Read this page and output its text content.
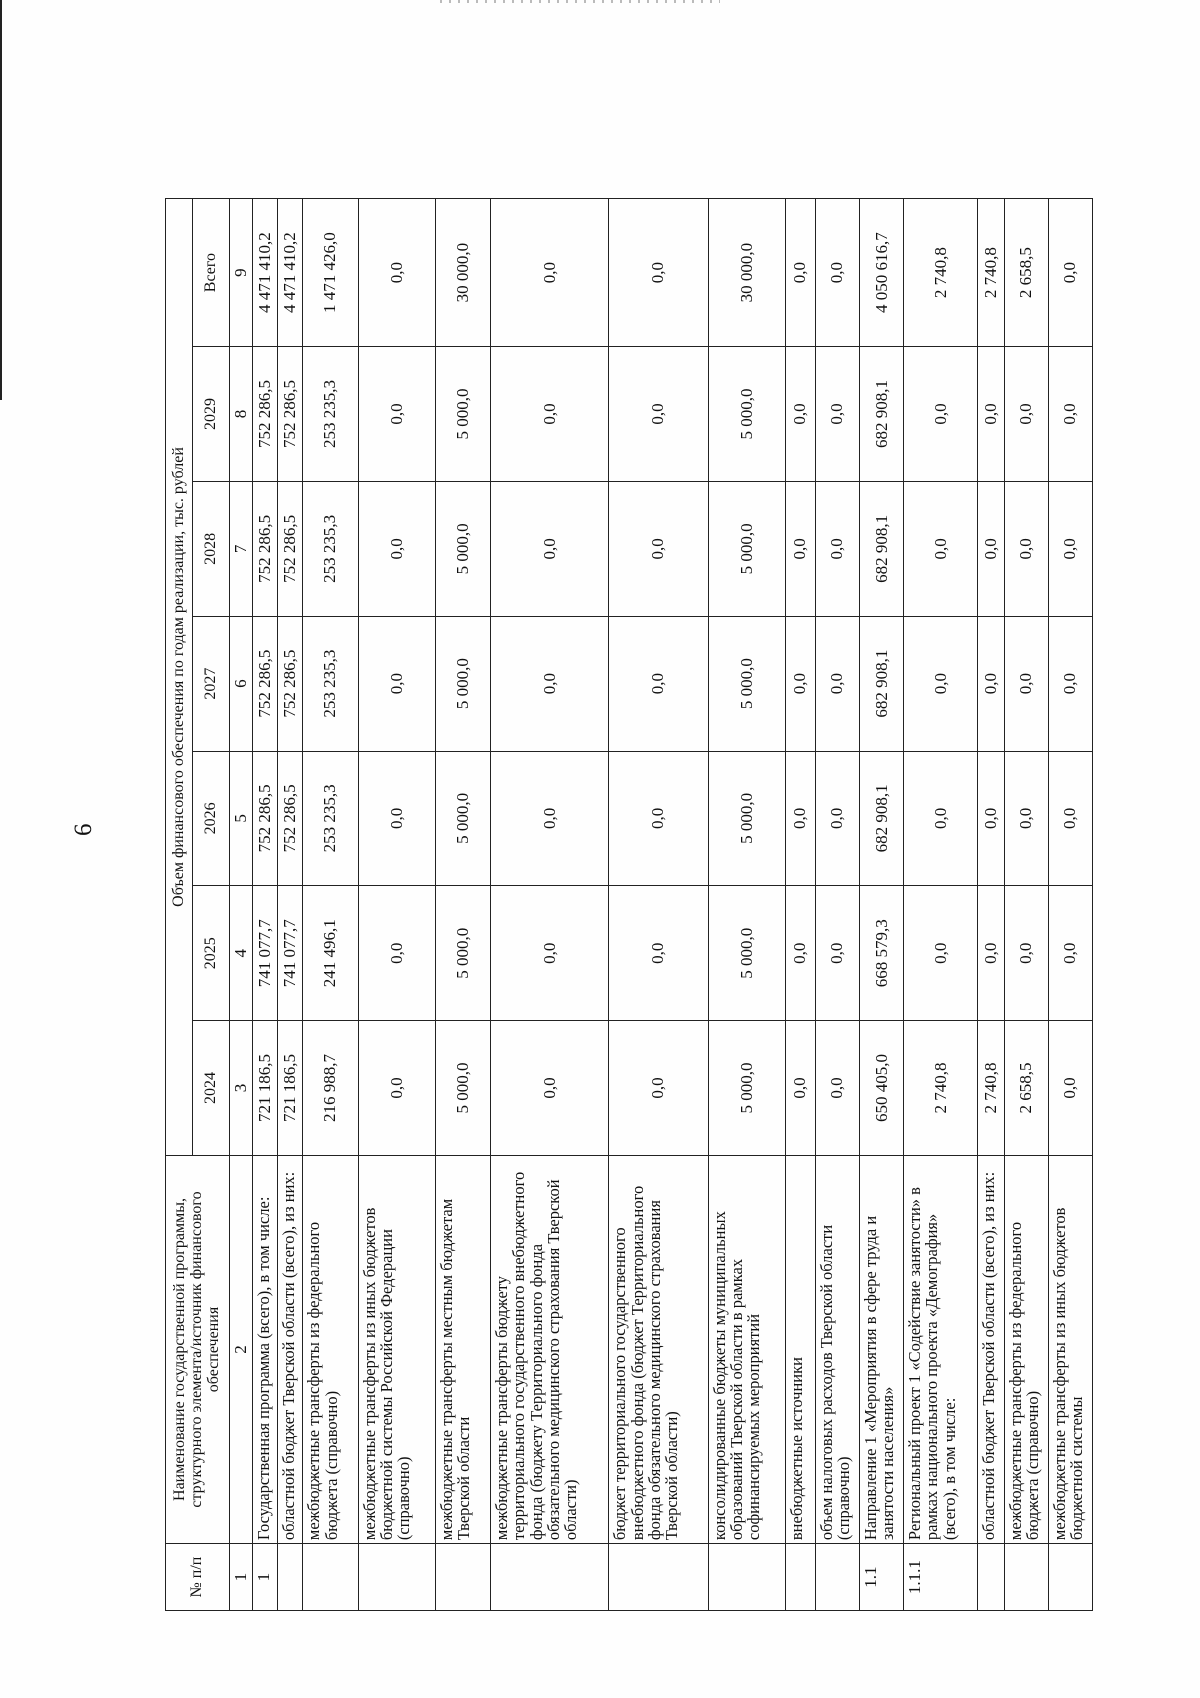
6
№ п/п	Наименование государственной программы, структурного элемента/источник финансового обеспечения	Объем финансового обеспечения по годам реализации, тыс. рублей						
		2024	2025	2026	2027	2028	2029	Всего
1	2	3	4	5	6	7	8	9
1	Государственная программа (всего), в том числе:	721 186,5	741 077,7	752 286,5	752 286,5	752 286,5	752 286,5	4 471 410,2
	областной бюджет Тверской области (всего), из них:	721 186,5	741 077,7	752 286,5	752 286,5	752 286,5	752 286,5	4 471 410,2
	межбюджетные трансферты из федерального бюджета (справочно)	216 988,7	241 496,1	253 235,3	253 235,3	253 235,3	253 235,3	1 471 426,0
	межбюджетные трансферты из иных бюджетов бюджетной системы Российской Федерации (справочно)	0,0	0,0	0,0	0,0	0,0	0,0	0,0
	межбюджетные трансферты местным бюджетам Тверской области	5 000,0	5 000,0	5 000,0	5 000,0	5 000,0	5 000,0	30 000,0
	межбюджетные трансферты бюджету территориального государственного внебюджетного фонда (бюджету Территориального фонда обязательного медицинского страхования Тверской области)	0,0	0,0	0,0	0,0	0,0	0,0	0,0
	бюджет территориального государственного внебюджетного фонда (бюджет Территориального фонда обязательного медицинского страхования Тверской области)	0,0	0,0	0,0	0,0	0,0	0,0	0,0
	консолидированные бюджеты муниципальных образований Тверской области в рамках софинансируемых мероприятий	5 000,0	5 000,0	5 000,0	5 000,0	5 000,0	5 000,0	30 000,0
	внебюджетные источники	0,0	0,0	0,0	0,0	0,0	0,0	0,0
	объем налоговых расходов Тверской области (справочно)	0,0	0,0	0,0	0,0	0,0	0,0	0,0
1.1	Направление 1 «Мероприятия в сфере труда и занятости населения»	650 405,0	668 579,3	682 908,1	682 908,1	682 908,1	682 908,1	4 050 616,7
1.1.1	Региональный проект 1 «Содействие занятости» в рамках национального проекта «Демография» (всего), в том числе:	2 740,8	0,0	0,0	0,0	0,0	0,0	2 740,8
	областной бюджет Тверской области (всего), из них:	2 740,8	0,0	0,0	0,0	0,0	0,0	2 740,8
	межбюджетные трансферты из федерального бюджета (справочно)	2 658,5	0,0	0,0	0,0	0,0	0,0	2 658,5
	межбюджетные трансферты из иных бюджетов бюджетной системы	0,0	0,0	0,0	0,0	0,0	0,0	0,0
